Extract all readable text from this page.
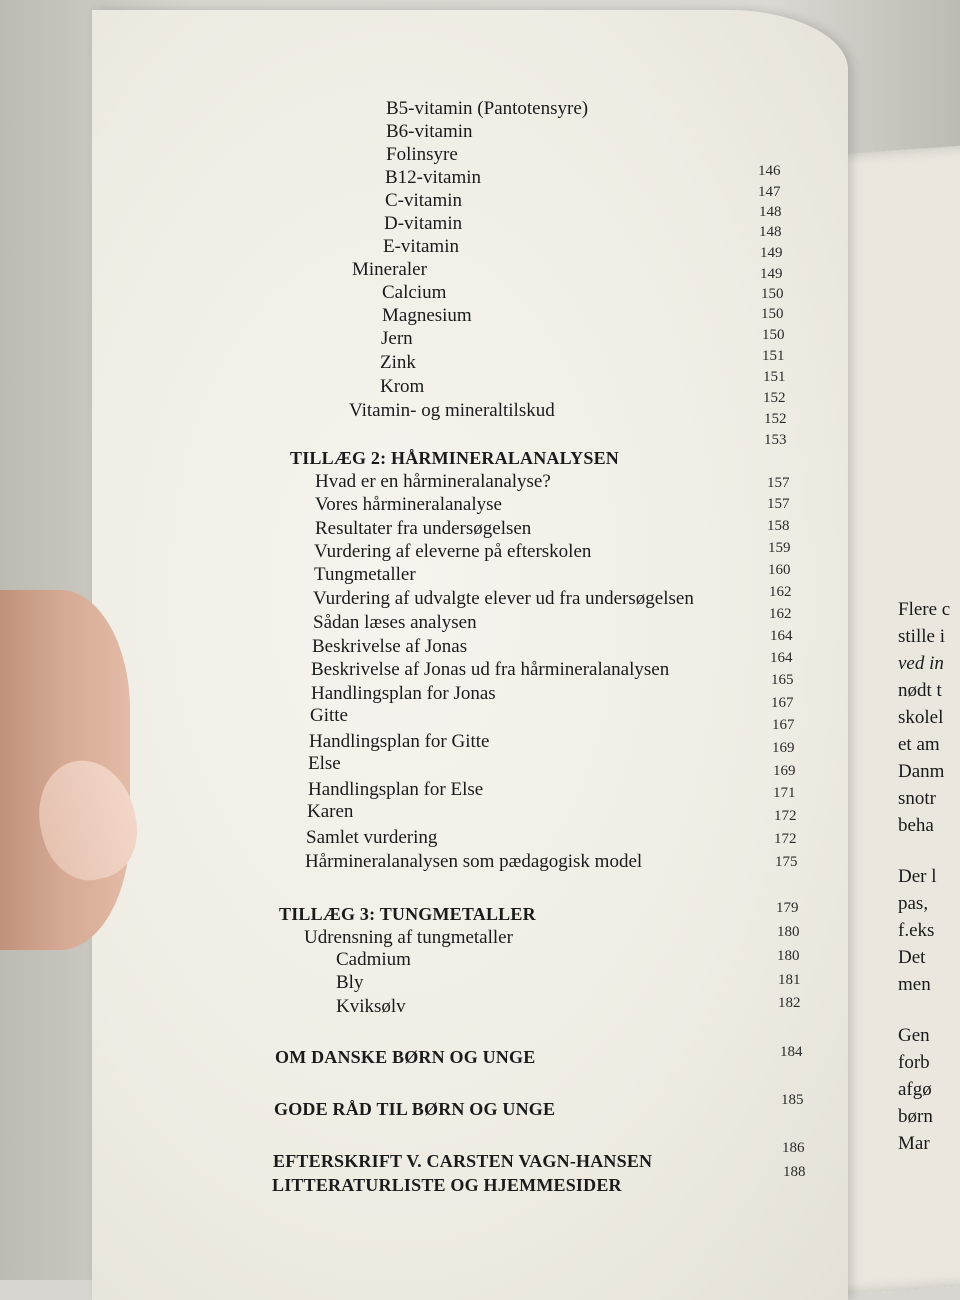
Flere c
stille i
ved in
nødt t
skolel
et am
Danm
snotr
beha
Der l
pas,
f.eks
Det
men
Gen
forb
afgø
børn
Mar
B5-vitamin (Pantotensyre)
B6-vitamin
Folinsyre
B12-vitamin
C-vitamin
D-vitamin
E-vitamin
Mineraler
Calcium
Magnesium
Jern
Zink
Krom
Vitamin- og mineraltilskud
TILLÆG 2: HÅRMINERALANALYSEN
Hvad er en hårmineralanalyse?
Vores hårmineralanalyse
Resultater fra undersøgelsen
Vurdering af eleverne på efterskolen
Tungmetaller
Vurdering af udvalgte elever ud fra undersøgelsen
Sådan læses analysen
Beskrivelse af Jonas
Beskrivelse af Jonas ud fra hårmineralanalysen
Handlingsplan for Jonas
Gitte
Handlingsplan for Gitte
Else
Handlingsplan for Else
Karen
Samlet vurdering
Hårmineralanalysen som pædagogisk model
TILLÆG 3: TUNGMETALLER
Udrensning af tungmetaller
Cadmium
Bly
Kviksølv
OM DANSKE BØRN OG UNGE
GODE RÅD TIL BØRN OG UNGE
EFTERSKRIFT V. CARSTEN VAGN-HANSEN
LITTERATURLISTE OG HJEMMESIDER
146
147
148
148
149
149
150
150
150
151
151
152
152
153
157
157
158
159
160
162
162
164
164
165
167
167
169
169
171
172
172
175
179
180
180
181
182
184
185
186
188
